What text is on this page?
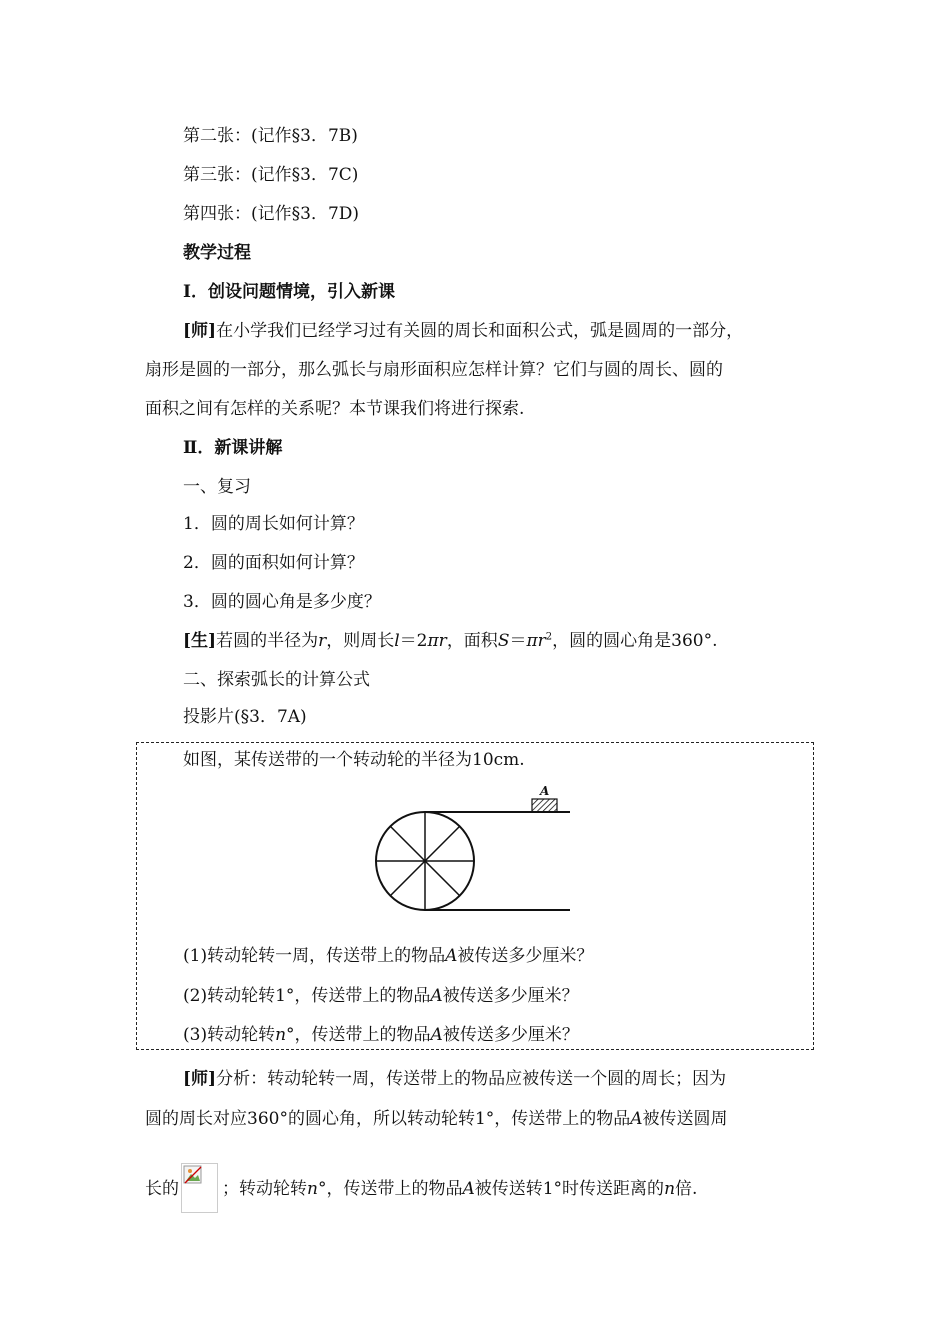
第二张：(记作§3．7B)
第三张：(记作§3．7C)
第四张：(记作§3．7D)
教学过程
Ⅰ．创设问题情境，引入新课
[师]在小学我们已经学习过有关圆的周长和面积公式，弧是圆周的一部分，
扇形是圆的一部分，那么弧长与扇形面积应怎样计算？它们与圆的周长、圆的
面积之间有怎样的关系呢？本节课我们将进行探索.
Ⅱ．新课讲解
一、复习
1．圆的周长如何计算？
2．圆的面积如何计算？
3．圆的圆心角是多少度？
[生]若圆的半径为r，则周长l＝2πr，面积$S=\pi r^2$，圆的圆心角是360°.
二、探索弧长的计算公式
投影片(§3．7A)
如图，某传送带的一个转动轮的半径为10cm.
A
(1)转动轮转一周，传送带上的物品A被传送多少厘米？
(2)转动轮转1°，传送带上的物品A被传送多少厘米？
(3)转动轮转n°，传送带上的物品A被传送多少厘米？
[师]分析：转动轮转一周，传送带上的物品应被传送一个圆的周长；因为
圆的周长对应360°的圆心角，所以转动轮转1°，传送带上的物品A被传送圆周
长的	；转动轮转n°，传送带上的物品A被传送转1°时传送距离的n倍.
